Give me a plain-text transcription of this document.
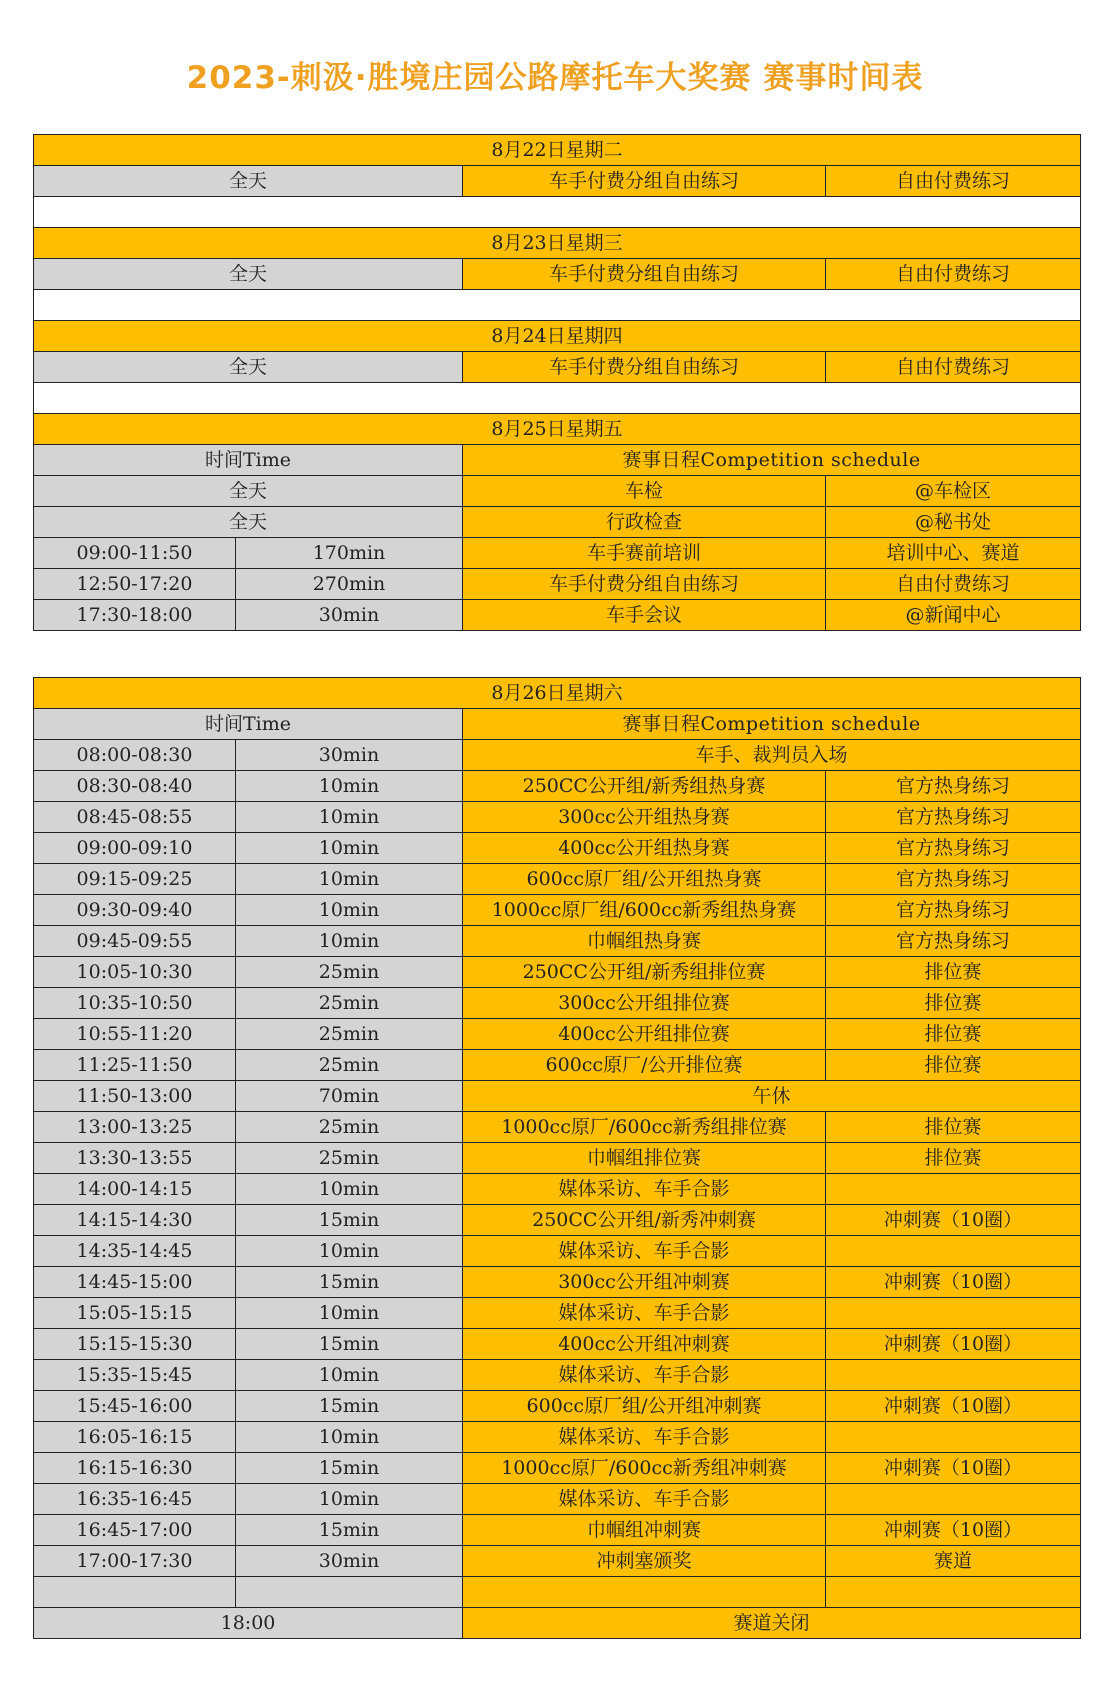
2023-刺汲·胜境庄园公路摩托车大奖赛 赛事时间表
8月22日星期二			
全天		车手付费分组自由练习	自由付费练习

8月23日星期三			
全天		车手付费分组自由练习	自由付费练习

8月24日星期四			
全天		车手付费分组自由练习	自由付费练习

8月25日星期五			
时间Time		赛事日程Competition schedule	
全天		车检	@车检区
全天		行政检查	@秘书处
09:00-11:50	170min	车手赛前培训	培训中心、赛道
12:50-17:20	270min	车手付费分组自由练习	自由付费练习
17:30-18:00	30min	车手会议	@新闻中心
8月26日星期六			
时间Time		赛事日程Competition schedule	
08:00-08:30	30min	车手、裁判员入场	
08:30-08:40	10min	250CC公开组/新秀组热身赛	官方热身练习
08:45-08:55	10min	300cc公开组热身赛	官方热身练习
09:00-09:10	10min	400cc公开组热身赛	官方热身练习
09:15-09:25	10min	600cc原厂组/公开组热身赛	官方热身练习
09:30-09:40	10min	1000cc原厂组/600cc新秀组热身赛	官方热身练习
09:45-09:55	10min	巾帼组热身赛	官方热身练习
10:05-10:30	25min	250CC公开组/新秀组排位赛	排位赛
10:35-10:50	25min	300cc公开组排位赛	排位赛
10:55-11:20	25min	400cc公开组排位赛	排位赛
11:25-11:50	25min	600cc原厂/公开排位赛	排位赛
11:50-13:00	70min	午休	
13:00-13:25	25min	1000cc原厂/600cc新秀组排位赛	排位赛
13:30-13:55	25min	巾帼组排位赛	排位赛
14:00-14:15	10min	媒体采访、车手合影	
14:15-14:30	15min	250CC公开组/新秀冲刺赛	冲刺赛（10圈）
14:35-14:45	10min	媒体采访、车手合影	
14:45-15:00	15min	300cc公开组冲刺赛	冲刺赛（10圈）
15:05-15:15	10min	媒体采访、车手合影	
15:15-15:30	15min	400cc公开组冲刺赛	冲刺赛（10圈）
15:35-15:45	10min	媒体采访、车手合影	
15:45-16:00	15min	600cc原厂组/公开组冲刺赛	冲刺赛（10圈）
16:05-16:15	10min	媒体采访、车手合影	
16:15-16:30	15min	1000cc原厂/600cc新秀组冲刺赛	冲刺赛（10圈）
16:35-16:45	10min	媒体采访、车手合影	
16:45-17:00	15min	巾帼组冲刺赛	冲刺赛（10圈）
17:00-17:30	30min	冲刺塞颁奖	赛道

18:00		赛道关闭	
